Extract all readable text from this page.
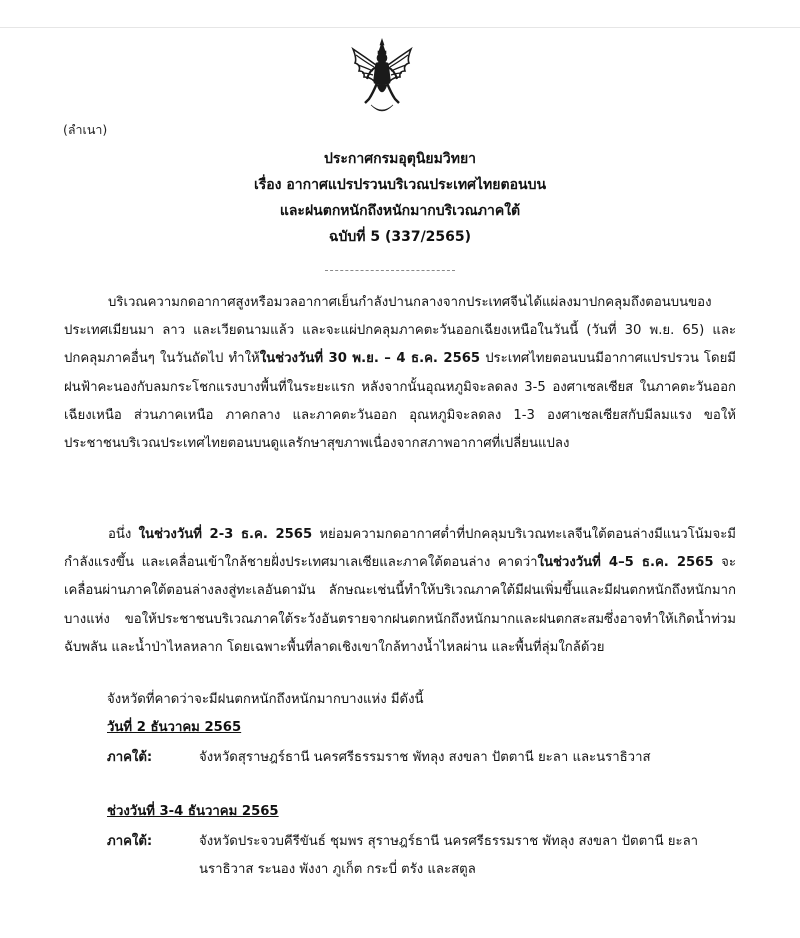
(ลำเนา)
ประกาศกรมอุตุนิยมวิทยา
เรื่อง อากาศแปรปรวนบริเวณประเทศไทยตอนบน
และฝนตกหนักถึงหนักมากบริเวณภาคใต้
ฉบับที่ 5 (337/2565)
บริเวณความกดอากาศสูงหรือมวลอากาศเย็นกำลังปานกลางจากประเทศจีนได้แผ่ลงมาปกคลุมถึงตอนบนของประเทศเมียนมา ลาว และเวียดนามแล้ว และจะแผ่ปกคลุมภาคตะวันออกเฉียงเหนือในวันนี้ (วันที่ 30 พ.ย. 65) และปกคลุมภาคอื่นๆ ในวันถัดไป ทำให้ในช่วงวันที่ 30 พ.ย. – 4 ธ.ค. 2565 ประเทศไทยตอนบนมีอากาศแปรปรวน โดยมีฝนฟ้าคะนองกับลมกระโชกแรงบางพื้นที่ในระยะแรก หลังจากนั้นอุณหภูมิจะลดลง 3-5 องศาเซลเซียส ในภาคตะวันออกเฉียงเหนือ ส่วนภาคเหนือ ภาคกลาง และภาคตะวันออก อุณหภูมิจะลดลง 1-3 องศาเซลเซียสกับมีลมแรง ขอให้ประชาชนบริเวณประเทศไทยตอนบนดูแลรักษาสุขภาพเนื่องจากสภาพอากาศที่เปลี่ยนแปลง
อนึ่ง ในช่วงวันที่ 2-3 ธ.ค. 2565 หย่อมความกดอากาศต่ำที่ปกคลุมบริเวณทะเลจีนใต้ตอนล่างมีแนวโน้มจะมีกำลังแรงขึ้น และเคลื่อนเข้าใกล้ชายฝั่งประเทศมาเลเซียและภาคใต้ตอนล่าง คาดว่าในช่วงวันที่ 4–5 ธ.ค. 2565 จะเคลื่อนผ่านภาคใต้ตอนล่างลงสู่ทะเลอันดามัน ลักษณะเช่นนี้ทำให้บริเวณภาคใต้มีฝนเพิ่มขึ้นและมีฝนตกหนักถึงหนักมากบางแห่ง ขอให้ประชาชนบริเวณภาคใต้ระวังอันตรายจากฝนตกหนักถึงหนักมากและฝนตกสะสมซึ่งอาจทำให้เกิดน้ำท่วมฉับพลัน และน้ำป่าไหลหลาก โดยเฉพาะพื้นที่ลาดเชิงเขาใกล้ทางน้ำไหลผ่าน และพื้นที่ลุ่มใกล้ด้วย
จังหวัดที่คาดว่าจะมีฝนตกหนักถึงหนักมากบางแห่ง มีดังนี้
วันที่ 2 ธันวาคม 2565
ภาคใต้:	จังหวัดสุราษฎร์ธานี นครศรีธรรมราช พัทลุง สงขลา ปัตตานี ยะลา และนราธิวาส
ช่วงวันที่ 3-4 ธันวาคม 2565
ภาคใต้:	จังหวัดประจวบคีรีขันธ์ ชุมพร สุราษฎร์ธานี นครศรีธรรมราช พัทลุง สงขลา ปัตตานี ยะลา นราธิวาส ระนอง พังงา ภูเก็ต กระบี่ ตรัง และสตูล
